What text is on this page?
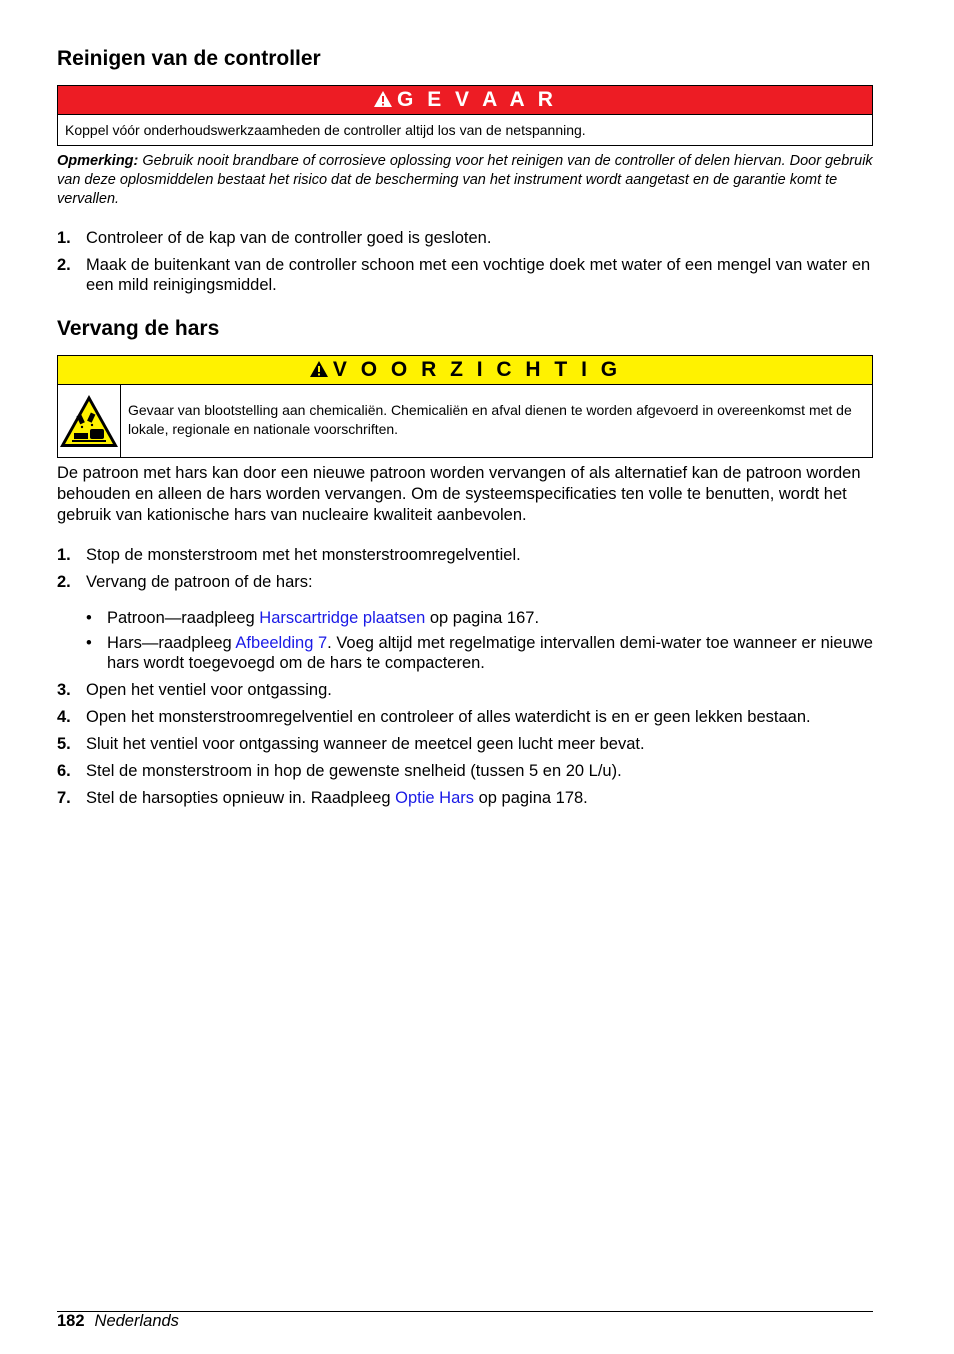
Reinigen van de controller
G E V A A R
Koppel vóór onderhoudswerkzaamheden de controller altijd los van de netspanning.
Opmerking: Gebruik nooit brandbare of corrosieve oplossing voor het reinigen van de controller of delen hiervan. Door gebruik van deze oplosmiddelen bestaat het risico dat de bescherming van het instrument wordt aangetast en de garantie komt te vervallen.
1. Controleer of de kap van de controller goed is gesloten.
2. Maak de buitenkant van de controller schoon met een vochtige doek met water of een mengel van water en een mild reinigingsmiddel.
Vervang de hars
V O O R Z I C H T I G
Gevaar van blootstelling aan chemicaliën. Chemicaliën en afval dienen te worden afgevoerd in overeenkomst met de lokale, regionale en nationale voorschriften.
De patroon met hars kan door een nieuwe patroon worden vervangen of als alternatief kan de patroon worden behouden en alleen de hars worden vervangen. Om de systeemspecificaties ten volle te benutten, wordt het gebruik van kationische hars van nucleaire kwaliteit aanbevolen.
1. Stop de monsterstroom met het monsterstroomregelventiel.
2. Vervang de patroon of de hars:
• Patroon—raadpleeg Harscartridge plaatsen op pagina 167.
• Hars—raadpleeg Afbeelding 7. Voeg altijd met regelmatige intervallen demi-water toe wanneer er nieuwe hars wordt toegevoegd om de hars te compacteren.
3. Open het ventiel voor ontgassing.
4. Open het monsterstroomregelventiel en controleer of alles waterdicht is en er geen lekken bestaan.
5. Sluit het ventiel voor ontgassing wanneer de meetcel geen lucht meer bevat.
6. Stel de monsterstroom in hop de gewenste snelheid (tussen 5 en 20 L/u).
7. Stel de harsopties opnieuw in. Raadpleeg Optie Hars op pagina 178.
182 Nederlands
